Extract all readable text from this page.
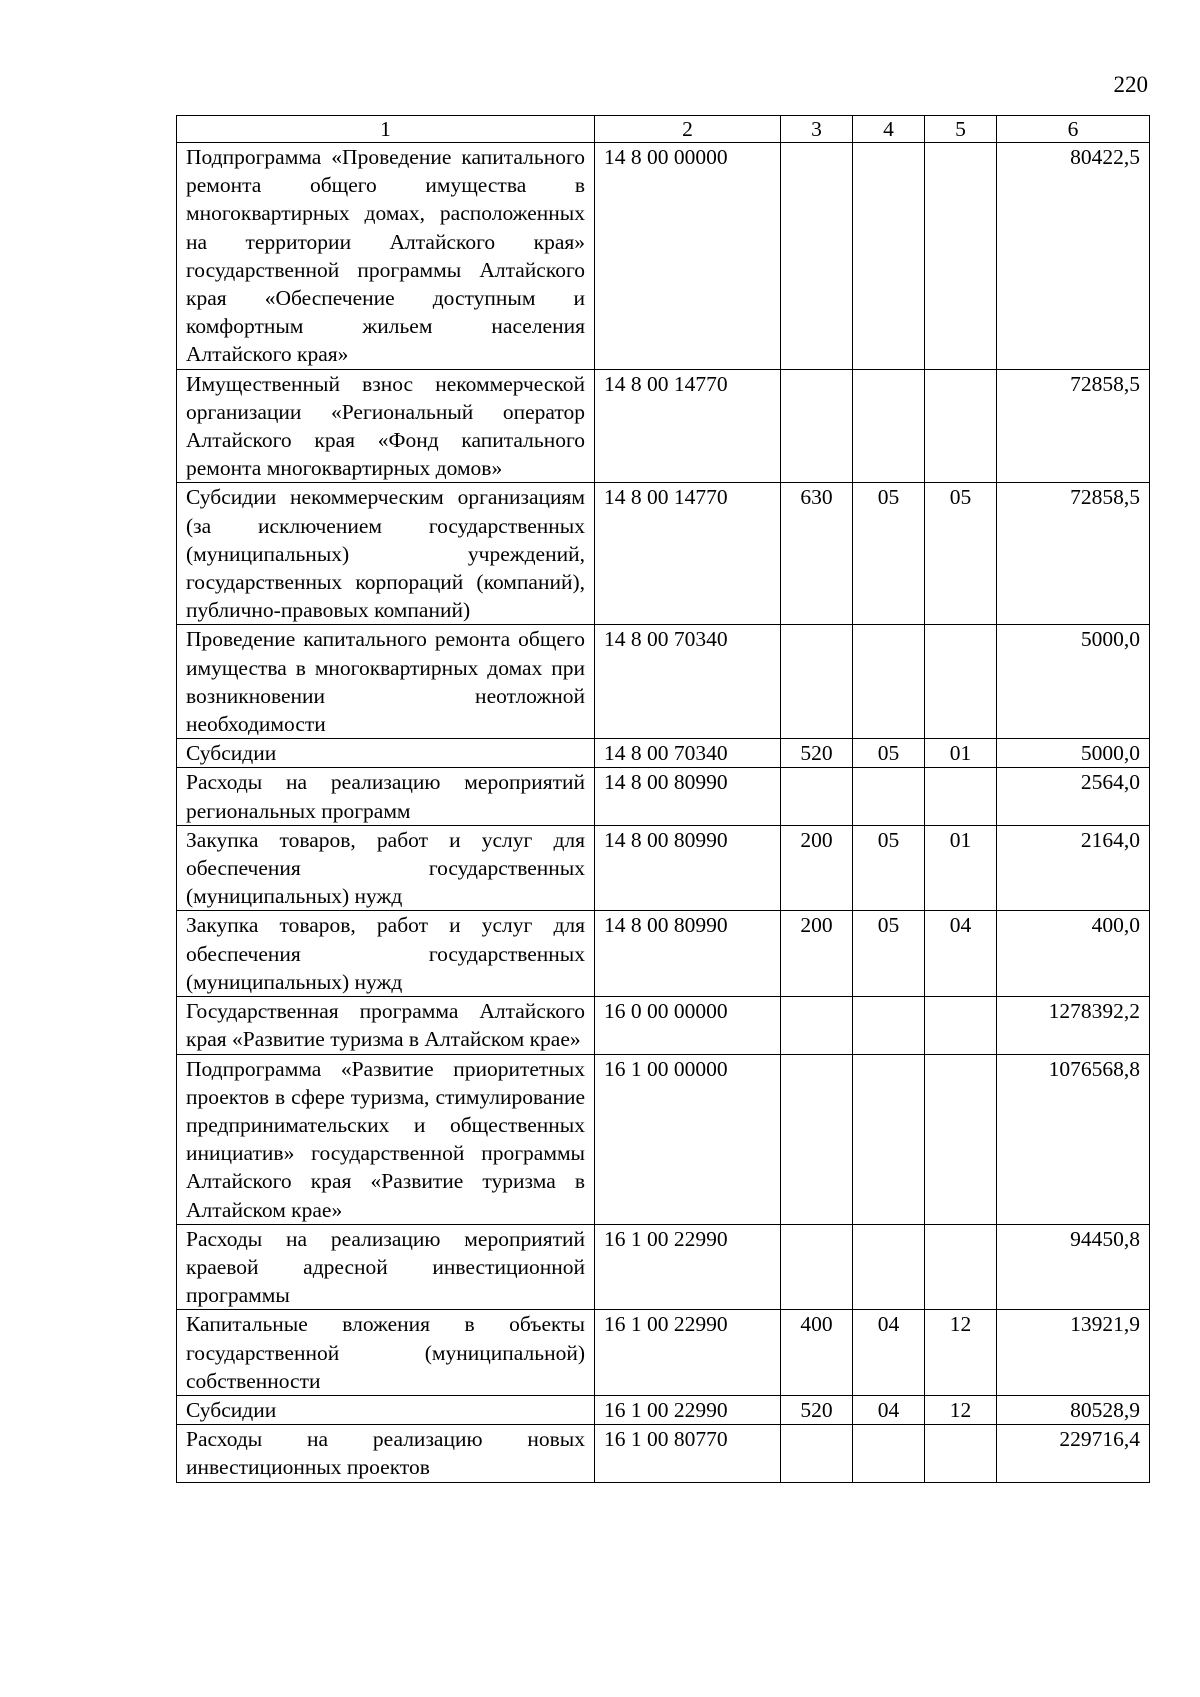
220
1	2	3	4	5	6
Подпрограмма «Проведение капитального ремонта общего имущества в многоквартирных домах, расположенных на территории Алтайского края» государственной программы Алтайского края «Обеспечение доступным и комфортным жильем населения Алтайского края»	14 8 00 00000				80422,5
Имущественный взнос некоммерческой организации «Региональный оператор Алтайского края «Фонд капитального ремонта многоквартирных домов»	14 8 00 14770				72858,5
Субсидии некоммерческим организациям (за исключением государственных (муниципальных) учреждений, государственных корпораций (компаний), публично-правовых компаний)	14 8 00 14770	630	05	05	72858,5
Проведение капитального ремонта общего имущества в многоквартирных домах при возникновении неотложной необходимости	14 8 00 70340				5000,0
Субсидии	14 8 00 70340	520	05	01	5000,0
Расходы на реализацию мероприятий региональных программ	14 8 00 80990				2564,0
Закупка товаров, работ и услуг для обеспечения государственных (муниципальных) нужд	14 8 00 80990	200	05	01	2164,0
Закупка товаров, работ и услуг для обеспечения государственных (муниципальных) нужд	14 8 00 80990	200	05	04	400,0
Государственная программа Алтайского края «Развитие туризма в Алтайском крае»	16 0 00 00000				1278392,2
Подпрограмма «Развитие приоритетных проектов в сфере туризма, стимулирование предпринимательских и общественных инициатив» государственной программы Алтайского края «Развитие туризма в Алтайском крае»	16 1 00 00000				1076568,8
Расходы на реализацию мероприятий краевой адресной инвестиционной программы	16 1 00 22990				94450,8
Капитальные вложения в объекты государственной (муниципальной) собственности	16 1 00 22990	400	04	12	13921,9
Субсидии	16 1 00 22990	520	04	12	80528,9
Расходы на реализацию новых инвестиционных проектов	16 1 00 80770				229716,4
